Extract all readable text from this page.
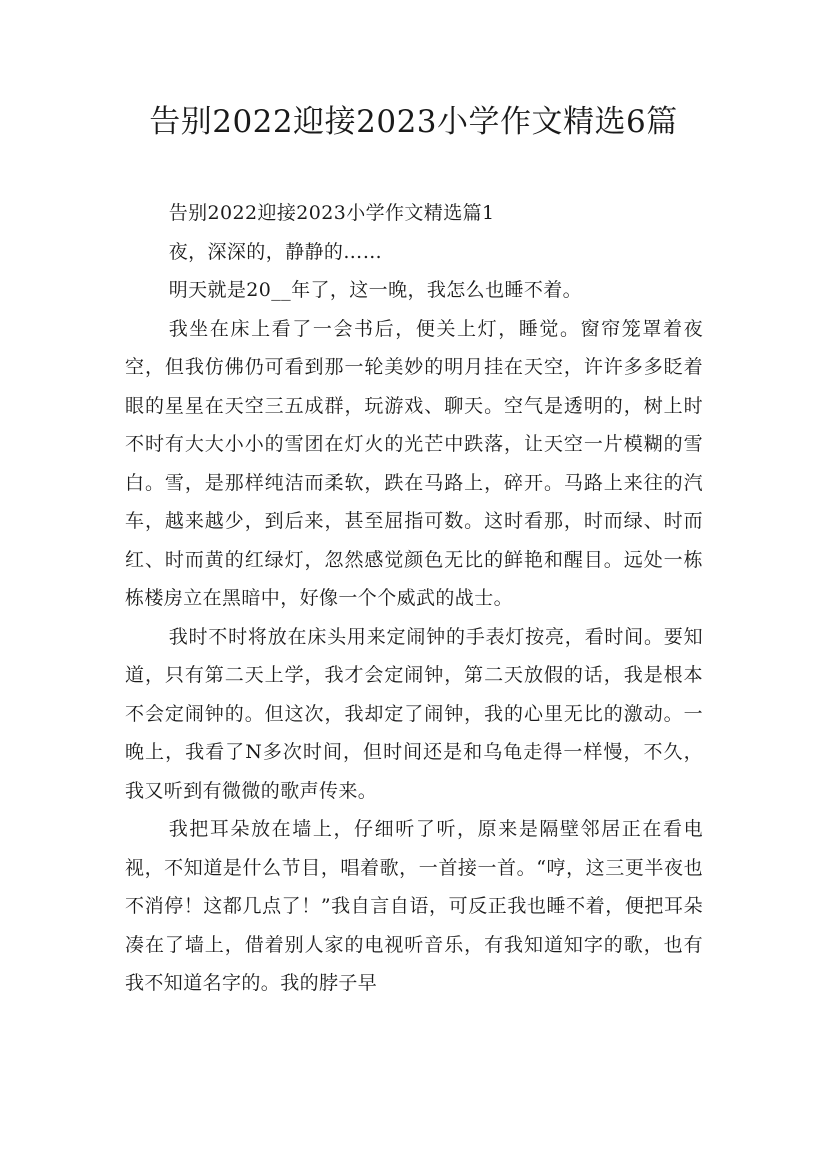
告别2022迎接2023小学作文精选6篇

告别2022迎接2023小学作文精选篇1

夜，深深的，静静的……

明天就是20__年了，这一晚，我怎么也睡不着。

我坐在床上看了一会书后，便关上灯，睡觉。窗帘笼罩着夜空，但我仿佛仍可看到那一轮美妙的明月挂在天空，许许多多眨着眼的星星在天空三五成群，玩游戏、聊天。空气是透明的，树上时不时有大大小小的雪团在灯火的光芒中跌落，让天空一片模糊的雪白。雪，是那样纯洁而柔软，跌在马路上，碎开。马路上来往的汽车，越来越少，到后来，甚至屈指可数。这时看那，时而绿、时而红、时而黄的红绿灯，忽然感觉颜色无比的鲜艳和醒目。远处一栋栋楼房立在黑暗中，好像一个个威武的战士。

我时不时将放在床头用来定闹钟的手表灯按亮，看时间。要知道，只有第二天上学，我才会定闹钟，第二天放假的话，我是根本不会定闹钟的。但这次，我却定了闹钟，我的心里无比的激动。一晚上，我看了N多次时间，但时间还是和乌龟走得一样慢，不久，我又听到有微微的歌声传来。

我把耳朵放在墙上，仔细听了听，原来是隔壁邻居正在看电视，不知道是什么节目，唱着歌，一首接一首。“哼，这三更半夜也不消停！这都几点了！”我自言自语，可反正我也睡不着，便把耳朵凑在了墙上，借着别人家的电视听音乐，有我知道知字的歌，也有我不知道名字的。我的脖子早
